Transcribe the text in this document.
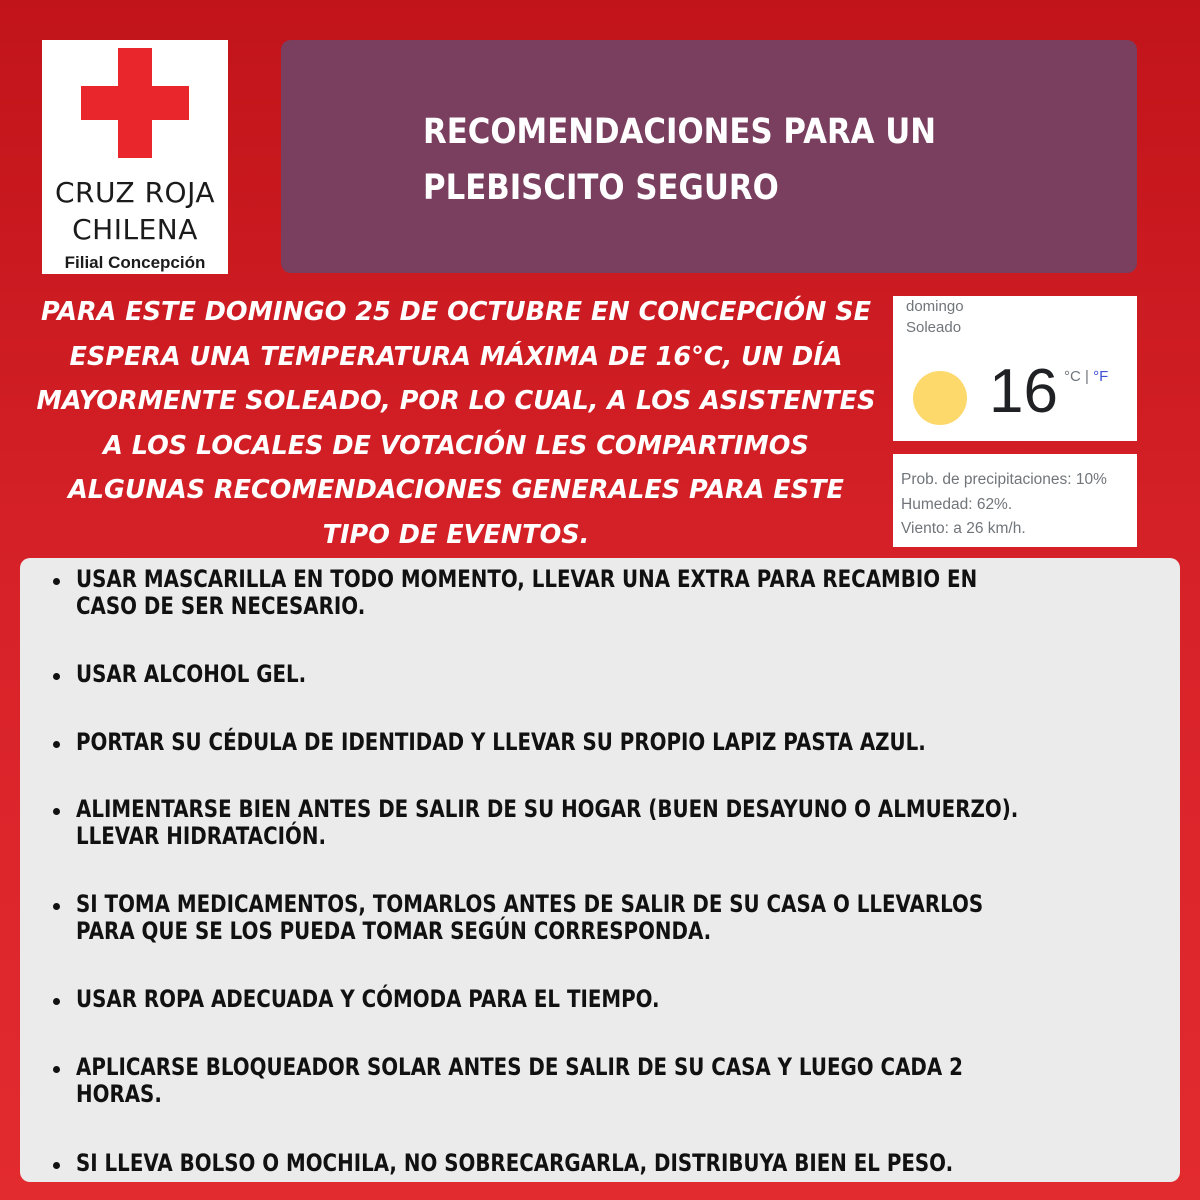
CRUZ ROJA
CHILENA
Filial Concepción
RECOMENDACIONES PARA UN
PLEBISCITO SEGURO
PARA ESTE DOMINGO 25 DE OCTUBRE EN CONCEPCIÓN SE
ESPERA UNA TEMPERATURA MÁXIMA DE 16°C, UN DÍA
MAYORMENTE SOLEADO, POR LO CUAL, A LOS ASISTENTES
A LOS LOCALES DE VOTACIÓN LES COMPARTIMOS
ALGUNAS RECOMENDACIONES GENERALES PARA ESTE
TIPO DE EVENTOS.
domingo
Soleado
16 °C | °F
Prob. de precipitaciones: 10%
Humedad: 62%.
Viento: a 26 km/h.
USAR MASCARILLA EN TODO MOMENTO, LLEVAR UNA EXTRA PARA RECAMBIO EN
CASO DE SER NECESARIO.
USAR ALCOHOL GEL.
PORTAR SU CÉDULA DE IDENTIDAD Y LLEVAR SU PROPIO LAPIZ PASTA AZUL.
ALIMENTARSE BIEN ANTES DE SALIR DE SU HOGAR (BUEN DESAYUNO O ALMUERZO).
LLEVAR HIDRATACIÓN.
SI TOMA MEDICAMENTOS, TOMARLOS ANTES DE SALIR DE SU CASA O LLEVARLOS
PARA QUE SE LOS PUEDA TOMAR SEGÚN CORRESPONDA.
USAR ROPA ADECUADA Y CÓMODA PARA EL TIEMPO.
APLICARSE BLOQUEADOR SOLAR ANTES DE SALIR DE SU CASA Y LUEGO CADA 2
HORAS.
SI LLEVA BOLSO O MOCHILA, NO SOBRECARGARLA, DISTRIBUYA BIEN EL PESO.
